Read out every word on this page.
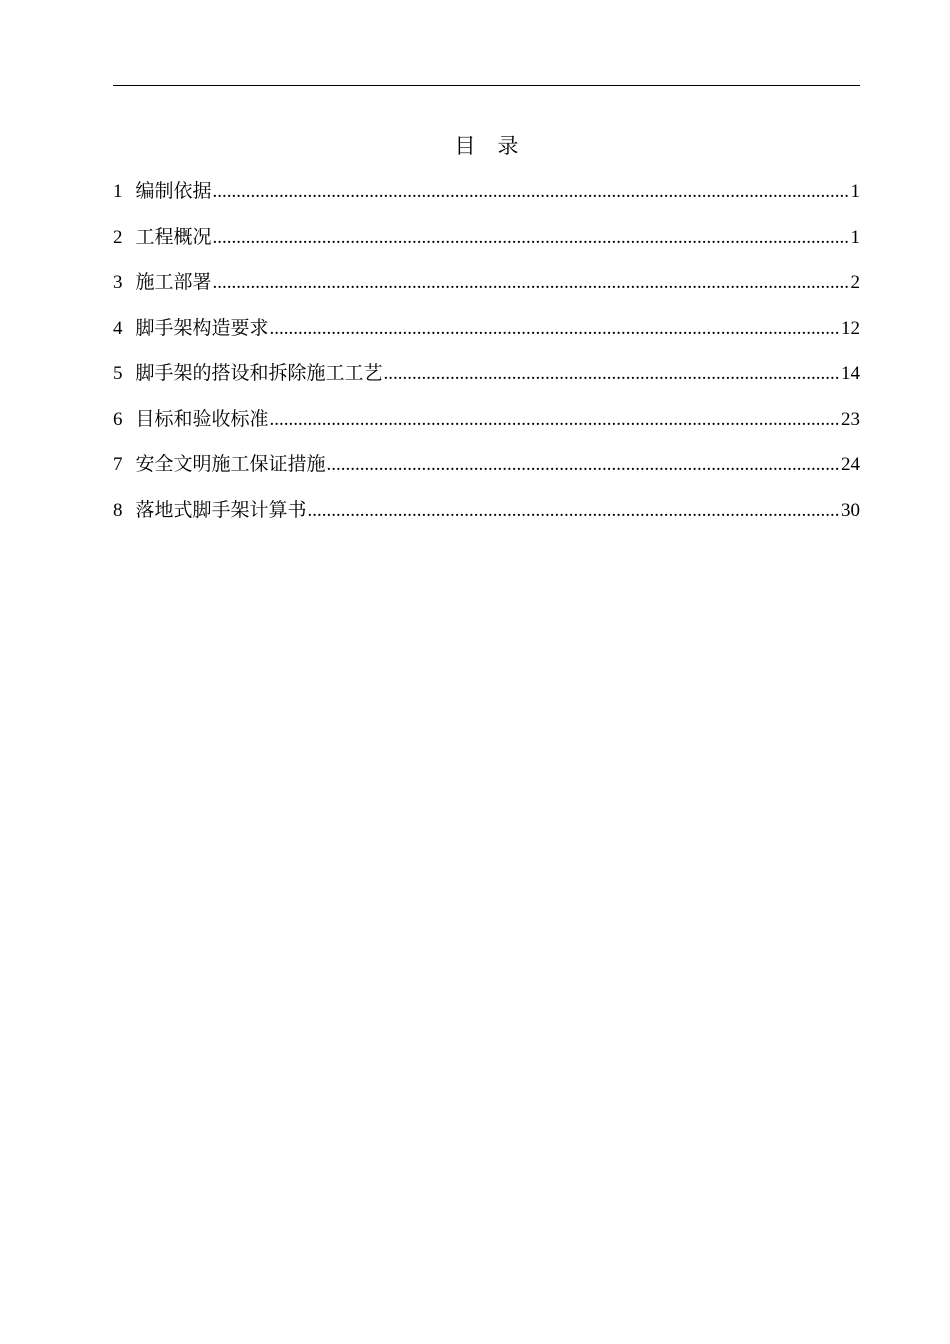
目 录
1 编制依据 .....	1
2 工程概况 .....	1
3 施工部署 .....	2
4 脚手架构造要求 .....	12
5 脚手架的搭设和拆除施工工艺 .....	14
6 目标和验收标准 .....	23
7 安全文明施工保证措施 .....	24
8 落地式脚手架计算书 .....	30
